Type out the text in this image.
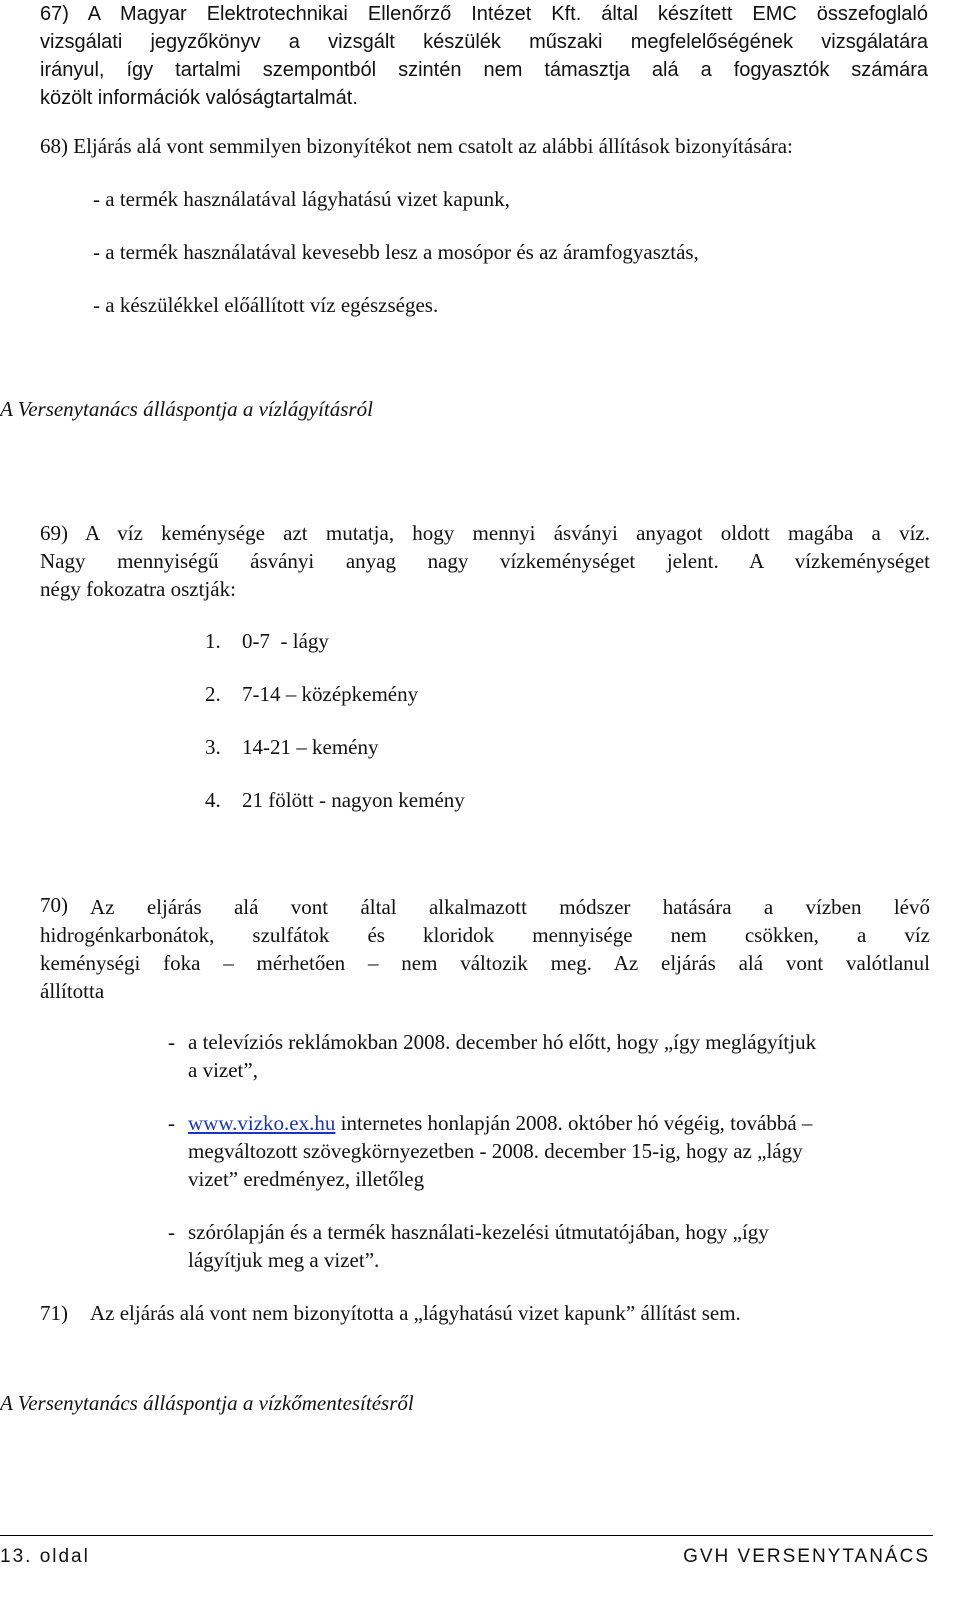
67) A Magyar Elektrotechnikai Ellenőrző Intézet Kft. által készített EMC összefoglaló
vizsgálati jegyzőkönyv a vizsgált készülék műszaki megfelelőségének vizsgálatára
irányul, így tartalmi szempontból szintén nem támasztja alá a fogyasztók számára
közölt információk valóságtartalmát.
68) Eljárás alá vont semmilyen bizonyítékot nem csatolt az alábbi állítások bizonyítására:
- a termék használatával lágyhatású vizet kapunk,
- a termék használatával kevesebb lesz a mosópor és az áramfogyasztás,
- a készülékkel előállított víz egészséges.
A Versenytanács álláspontja a vízlágyításról
69) A víz keménysége azt mutatja, hogy mennyi ásványi anyagot oldott magába a víz.
Nagy mennyiségű ásványi anyag nagy vízkeménységet jelent. A vízkeménységet
négy fokozatra osztják:
1. 0-7  - lágy
2. 7-14 – középkemény
3. 14-21 – kemény
4. 21 fölött - nagyon kemény
70)	Az eljárás alá vont által alkalmazott módszer hatására a vízben lévő
hidrogénkarbonátok, szulfátok és kloridok mennyisége nem csökken, a víz
keménységi foka – mérhetően – nem változik meg. Az eljárás alá vont valótlanul
állította
- a televíziós reklámokban 2008. december hó előtt, hogy „így meglágyítjuk
a vizet”,
- www.vizko.ex.hu internetes honlapján 2008. október hó végéig, továbbá –
megváltozott szövegkörnyezetben - 2008. december 15-ig, hogy az „lágy
vizet” eredményez, illetőleg
- szórólapján és a termék használati-kezelési útmutatójában, hogy „így
lágyítjuk meg a vizet”.
71) Az eljárás alá vont nem bizonyította a „lágyhatású vizet kapunk” állítást sem.
A Versenytanács álláspontja a vízkőmentesítésről
13. oldal	GVH VERSENYTANÁCS
